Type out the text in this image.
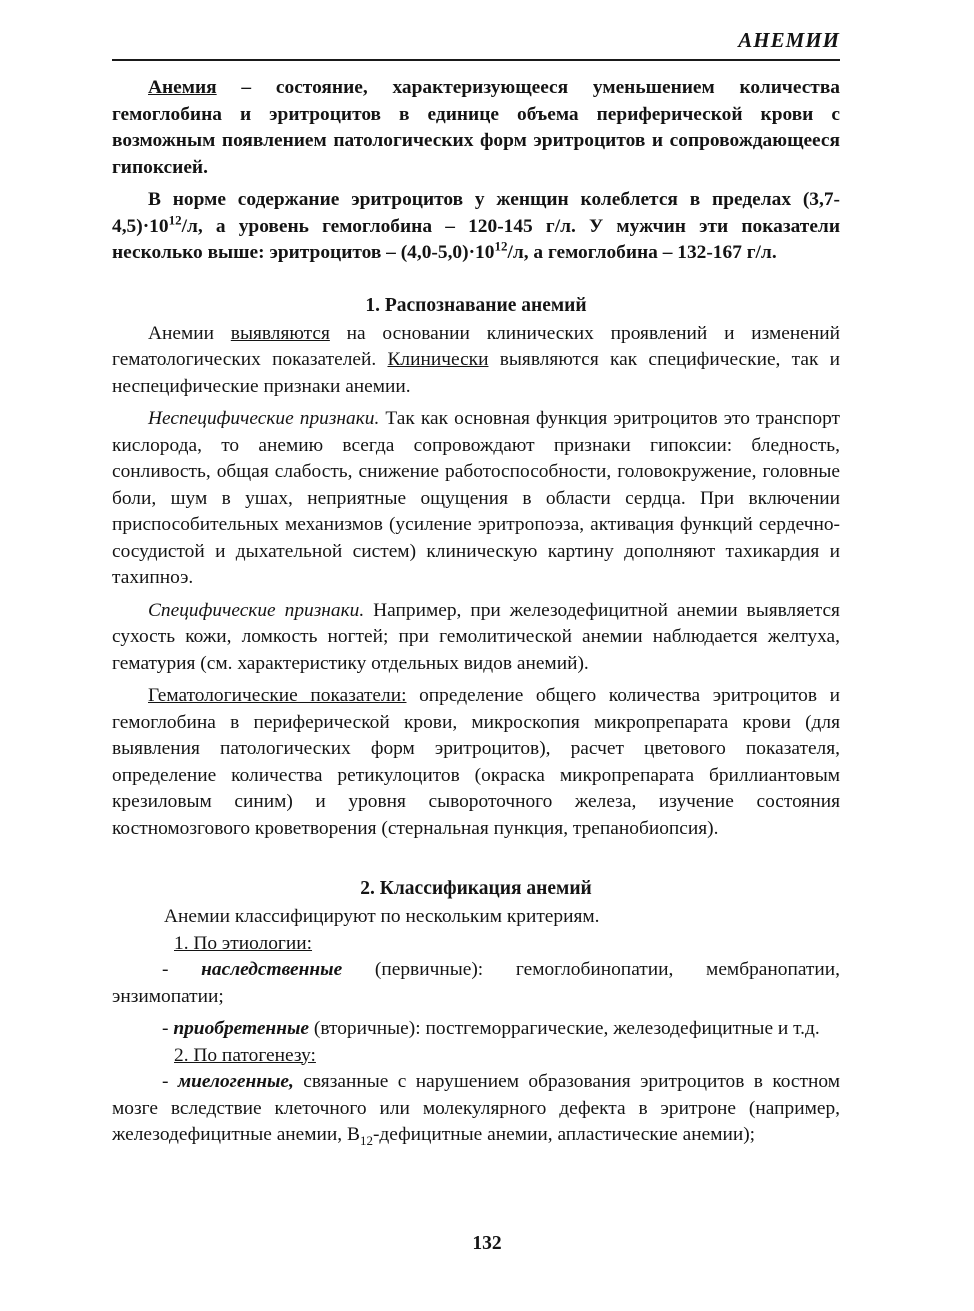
АНЕМИИ

Анемия – состояние, характеризующееся уменьшением количества гемоглобина и эритроцитов в единице объема периферической крови с возможным появлением патологических форм эритроцитов и сопровождающееся гипоксией.

В норме содержание эритроцитов у женщин колеблется в пределах $(3,7-4,5)\cdot 10^{12}/л$, а уровень гемоглобина – 120-145 г/л. У мужчин эти показатели несколько выше: эритроцитов – $(4,0-5,0)\cdot 10^{12}/л$, а гемоглобина – 132-167 г/л.

1. Распознавание анемий

Анемии выявляются на основании клинических проявлений и изменений гематологических показателей. Клинически выявляются как специфические, так и неспецифические признаки анемии.

Неспецифические признаки. Так как основная функция эритроцитов это транспорт кислорода, то анемию всегда сопровождают признаки гипоксии: бледность, сонливость, общая слабость, снижение работоспособности, головокружение, головные боли, шум в ушах, неприятные ощущения в области сердца. При включении приспособительных механизмов (усиление эритропоэза, активация функций сердечно-сосудистой и дыхательной систем) клиническую картину дополняют тахикардия и тахипноэ.

Специфические признаки. Например, при железодефицитной анемии выявляется сухость кожи, ломкость ногтей; при гемолитической анемии наблюдается желтуха, гематурия (см. характеристику отдельных видов анемий).

Гематологические показатели: определение общего количества эритроцитов и гемоглобина в периферической крови, микроскопия микропрепарата крови (для выявления патологических форм эритроцитов), расчет цветового показателя, определение количества ретикулоцитов (окраска микропрепарата бриллиантовым крезиловым синим) и уровня сывороточного железа, изучение состояния костномозгового кроветворения (стернальная пункция, трепанобиопсия).

2. Классификация анемий

Анемии классифицируют по нескольким критериям.

1. По этиологии:

- наследственные (первичные): гемоглобинопатии, мембранопатии, энзимопатии;

- приобретенные (вторичные): постгеморрагические, железодефицитные и т.д.

2. По патогенезу:

- миелогенные, связанные с нарушением образования эритроцитов в костном мозге вследствие клеточного или молекулярного дефекта в эритроне (например, железодефицитные анемии, $B_{12}$-дефицитные анемии, апластические анемии);

132
